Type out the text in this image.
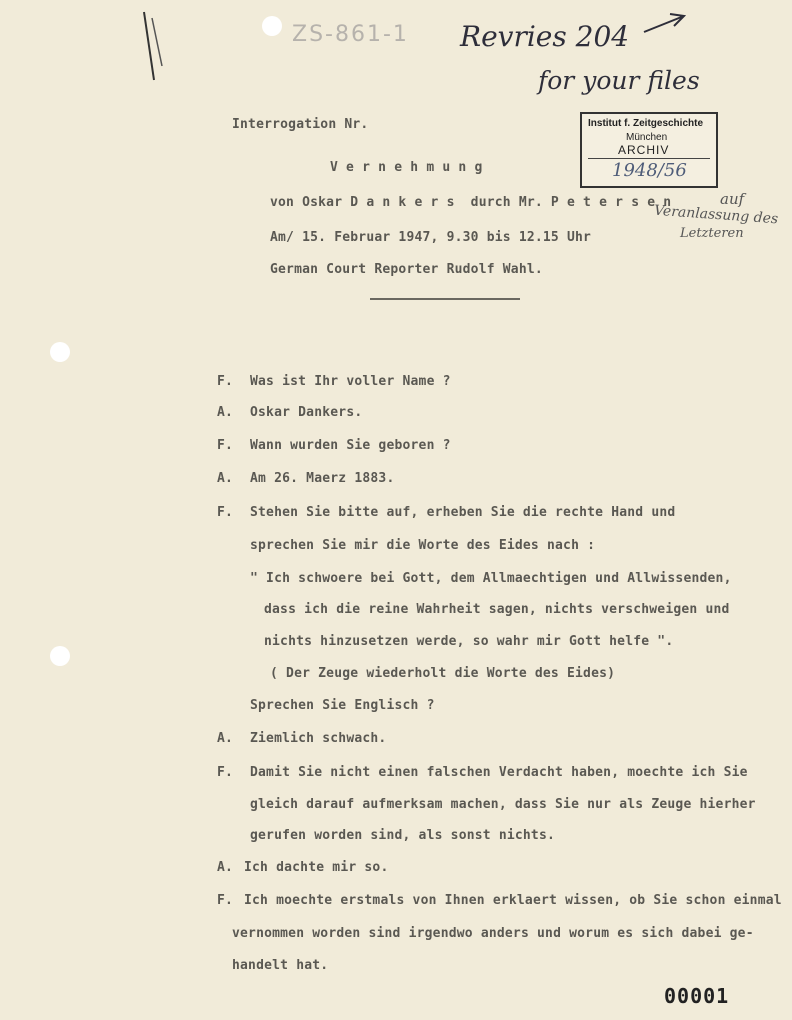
ZS-861-1 Revries 204
for your files
Institut f. Zeitgeschichte
München
ARCHIV
1948/56
Interrogation Nr.
V e r n e h m u n g
von Oskar D a n k e r s  durch Mr. P e t e r s e n	auf
Veranlassung des
Letzteren
Am/ 15. Februar 1947, 9.30 bis 12.15 Uhr
German Court Reporter Rudolf Wahl.
F. Was ist Ihr voller Name ?
A. Oskar Dankers.
F. Wann wurden Sie geboren ?
A. Am 26. Maerz 1883.
F. Stehen Sie bitte auf, erheben Sie die rechte Hand und
sprechen Sie mir die Worte des Eides nach :
" Ich schwoere bei Gott, dem Allmaechtigen und Allwissenden,
dass ich die reine Wahrheit sagen, nichts verschweigen und
nichts hinzusetzen werde, so wahr mir Gott helfe ".
( Der Zeuge wiederholt die Worte des Eides)
Sprechen Sie Englisch ?
A. Ziemlich schwach.
F. Damit Sie nicht einen falschen Verdacht haben, moechte ich Sie
gleich darauf aufmerksam machen, dass Sie nur als Zeuge hierher
gerufen worden sind, als sonst nichts.
A. Ich dachte mir so.
F. Ich moechte erstmals von Ihnen erklaert wissen, ob Sie schon einmal
vernommen worden sind irgendwo anders und worum es sich dabei ge-
handelt hat.
00001
